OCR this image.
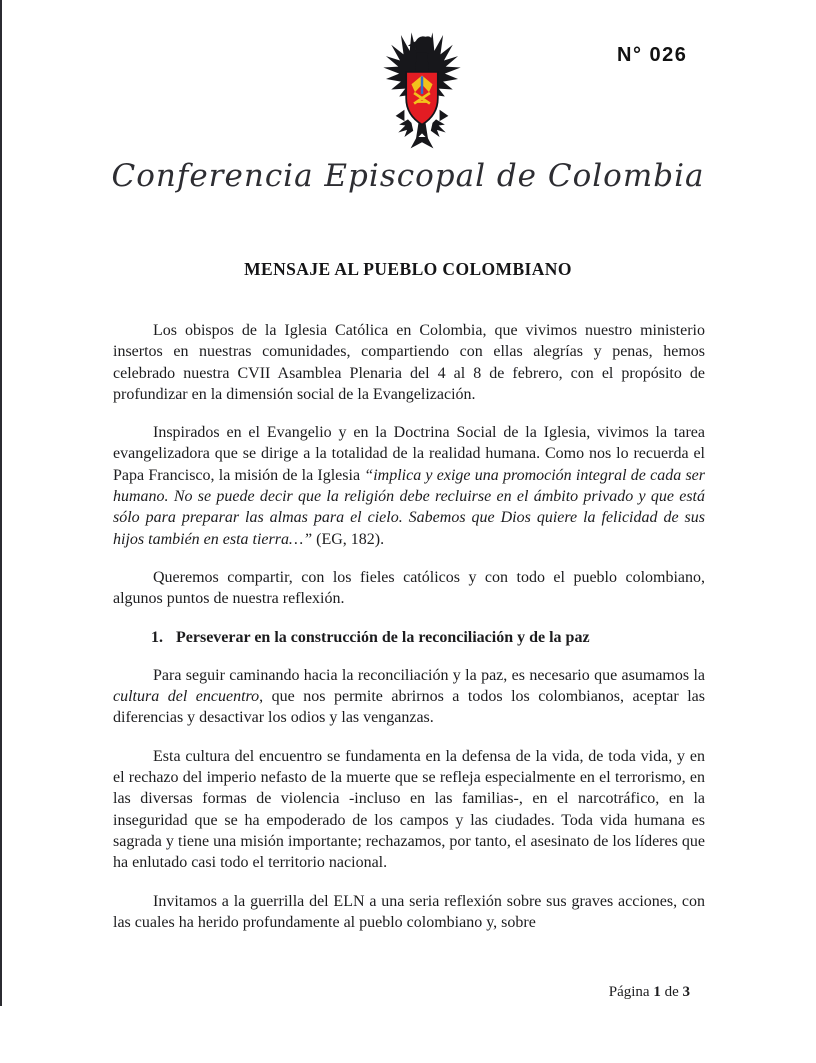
N° 026
Conferencia Episcopal de Colombia
MENSAJE AL PUEBLO COLOMBIANO

Los obispos de la Iglesia Católica en Colombia, que vivimos nuestro ministerio insertos en nuestras comunidades, compartiendo con ellas alegrías y penas, hemos celebrado nuestra CVII Asamblea Plenaria del 4 al 8 de febrero, con el propósito de profundizar en la dimensión social de la Evangelización.

Inspirados en el Evangelio y en la Doctrina Social de la Iglesia, vivimos la tarea evangelizadora que se dirige a la totalidad de la realidad humana. Como nos lo recuerda el Papa Francisco, la misión de la Iglesia “implica y exige una promoción integral de cada ser humano. No se puede decir que la religión debe recluirse en el ámbito privado y que está sólo para preparar las almas para el cielo. Sabemos que Dios quiere la felicidad de sus hijos también en esta tierra…” (EG, 182).

Queremos compartir, con los fieles católicos y con todo el pueblo colombiano, algunos puntos de nuestra reflexión.

1. Perseverar en la construcción de la reconciliación y de la paz

Para seguir caminando hacia la reconciliación y la paz, es necesario que asumamos la cultura del encuentro, que nos permite abrirnos a todos los colombianos, aceptar las diferencias y desactivar los odios y las venganzas.

Esta cultura del encuentro se fundamenta en la defensa de la vida, de toda vida, y en el rechazo del imperio nefasto de la muerte que se refleja especialmente en el terrorismo, en las diversas formas de violencia -incluso en las familias-, en el narcotráfico, en la inseguridad que se ha empoderado de los campos y las ciudades. Toda vida humana es sagrada y tiene una misión importante; rechazamos, por tanto, el asesinato de los líderes que ha enlutado casi todo el territorio nacional.

Invitamos a la guerrilla del ELN a una seria reflexión sobre sus graves acciones, con las cuales ha herido profundamente al pueblo colombiano y, sobre

Página 1 de 3
